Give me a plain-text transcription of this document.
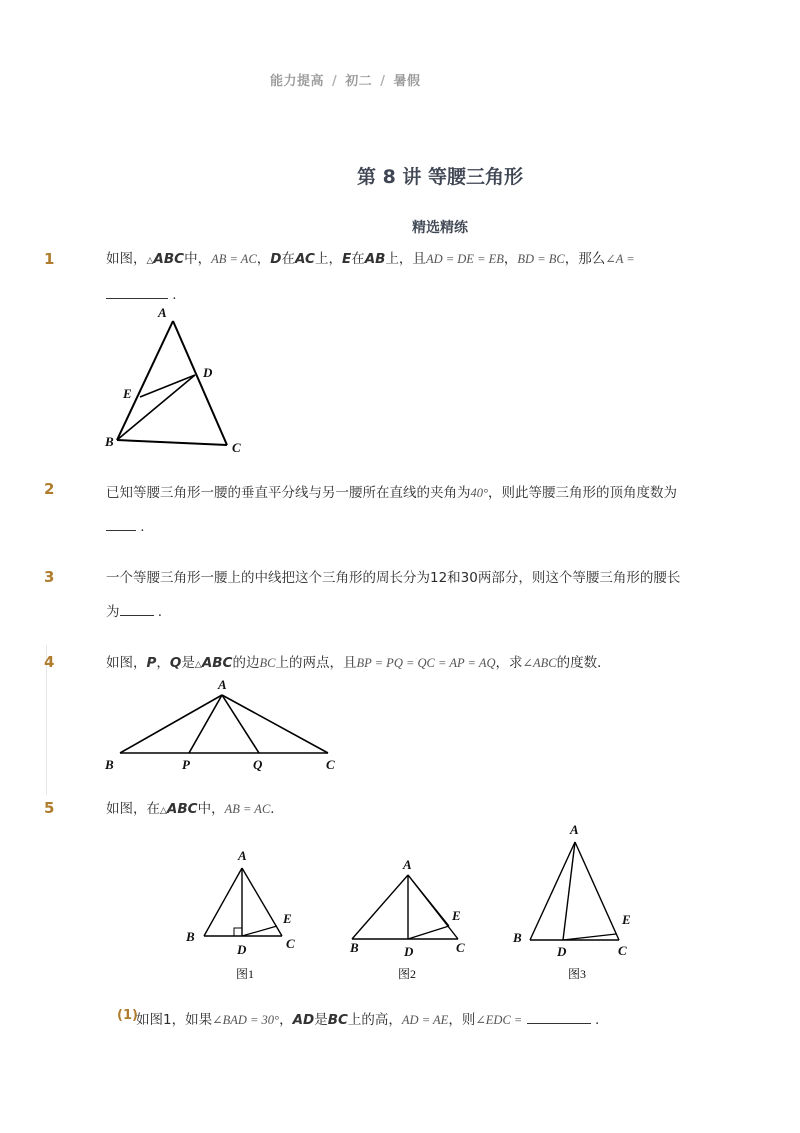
能力提高 / 初二 / 暑假
第 8 讲 等腰三角形
精选精练
1	如图，△ABC中，AB = AC，D在AC上，E在AB上，且AD = DE = EB，BD = BC，那么∠A =
.
A
B	C
D
E
2	已知等腰三角形一腰的垂直平分线与另一腰所在直线的夹角为40°，则此等腰三角形的顶角度数为
.
3	一个等腰三角形一腰上的中线把这个三角形的周长分为12和30两部分，则这个等腰三角形的腰长
为	.
4	如图，P，Q是△ABC的边BC上的两点，且BP = PQ = QC = AP = AQ，求∠ABC的度数．
A
B	P	Q	C
5	如图，在△ABC中，AB = AC．
A
B	C
D
E
图1
A
B	C
D
E
图2
A
B
C
D
E
图3
(1)
如图1，如果∠BAD = 30°，AD是BC上的高，AD = AE，则∠EDC =	.
